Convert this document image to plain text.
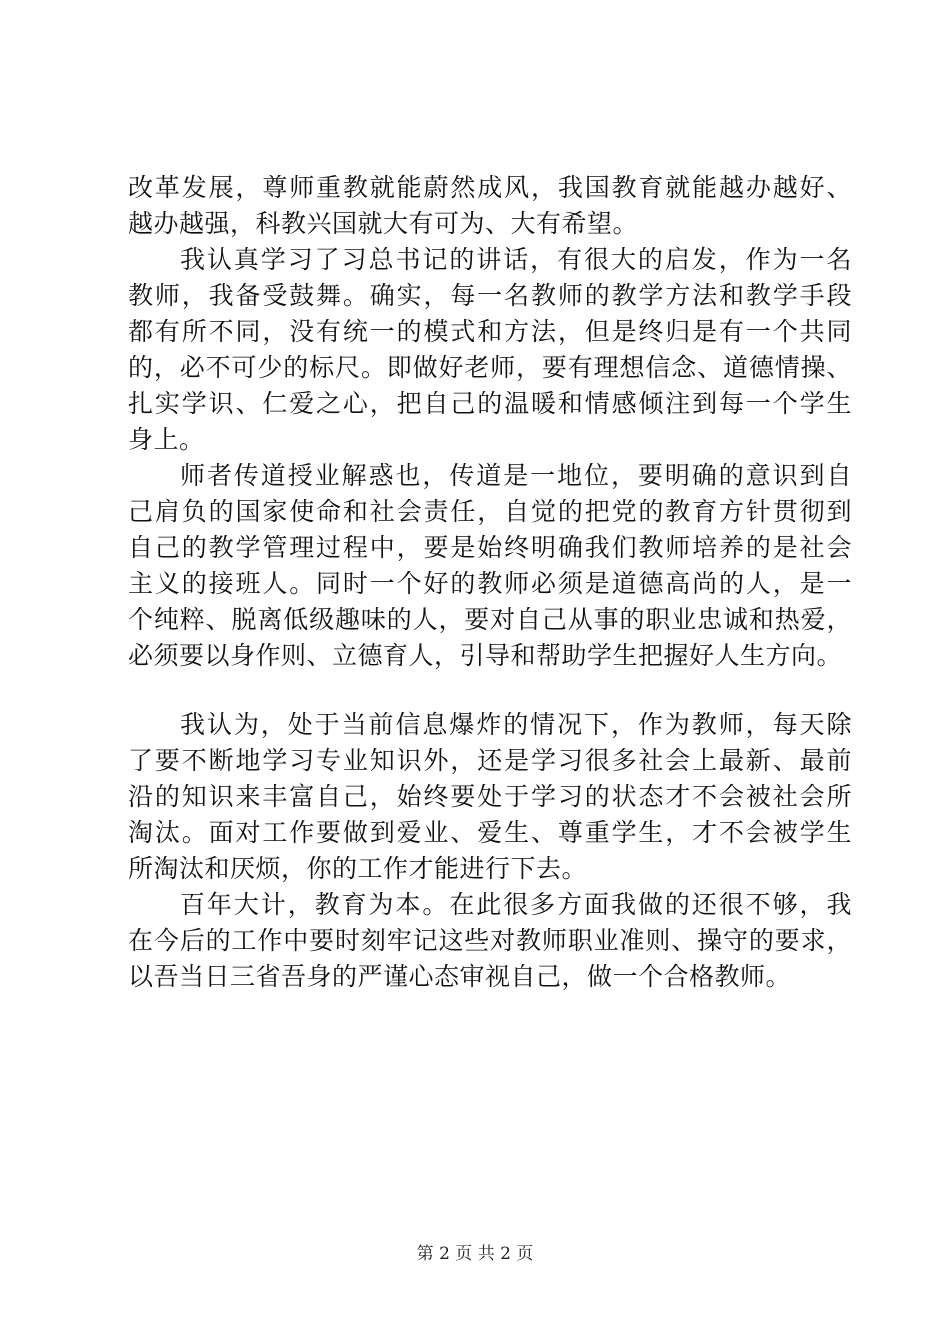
改革发展，尊师重教就能蔚然成风，我国教育就能越办越好、
越办越强，科教兴国就大有可为、大有希望。
我认真学习了习总书记的讲话，有很大的启发，作为一名
教师，我备受鼓舞。确实，每一名教师的教学方法和教学手段
都有所不同，没有统一的模式和方法，但是终归是有一个共同
的，必不可少的标尺。即做好老师，要有理想信念、道德情操、
扎实学识、仁爱之心，把自己的温暖和情感倾注到每一个学生
身上。
师者传道授业解惑也，传道是一地位，要明确的意识到自
己肩负的国家使命和社会责任，自觉的把党的教育方针贯彻到
自己的教学管理过程中，要是始终明确我们教师培养的是社会
主义的接班人。同时一个好的教师必须是道德高尚的人，是一
个纯粹、脱离低级趣味的人，要对自己从事的职业忠诚和热爱，
必须要以身作则、立德育人，引导和帮助学生把握好人生方向。
我认为，处于当前信息爆炸的情况下，作为教师，每天除
了要不断地学习专业知识外，还是学习很多社会上最新、最前
沿的知识来丰富自己，始终要处于学习的状态才不会被社会所
淘汰。面对工作要做到爱业、爱生、尊重学生，才不会被学生
所淘汰和厌烦，你的工作才能进行下去。
百年大计，教育为本。在此很多方面我做的还很不够，我
在今后的工作中要时刻牢记这些对教师职业准则、操守的要求，
以吾当日三省吾身的严谨心态审视自己，做一个合格教师。
第 2 页 共 2 页
